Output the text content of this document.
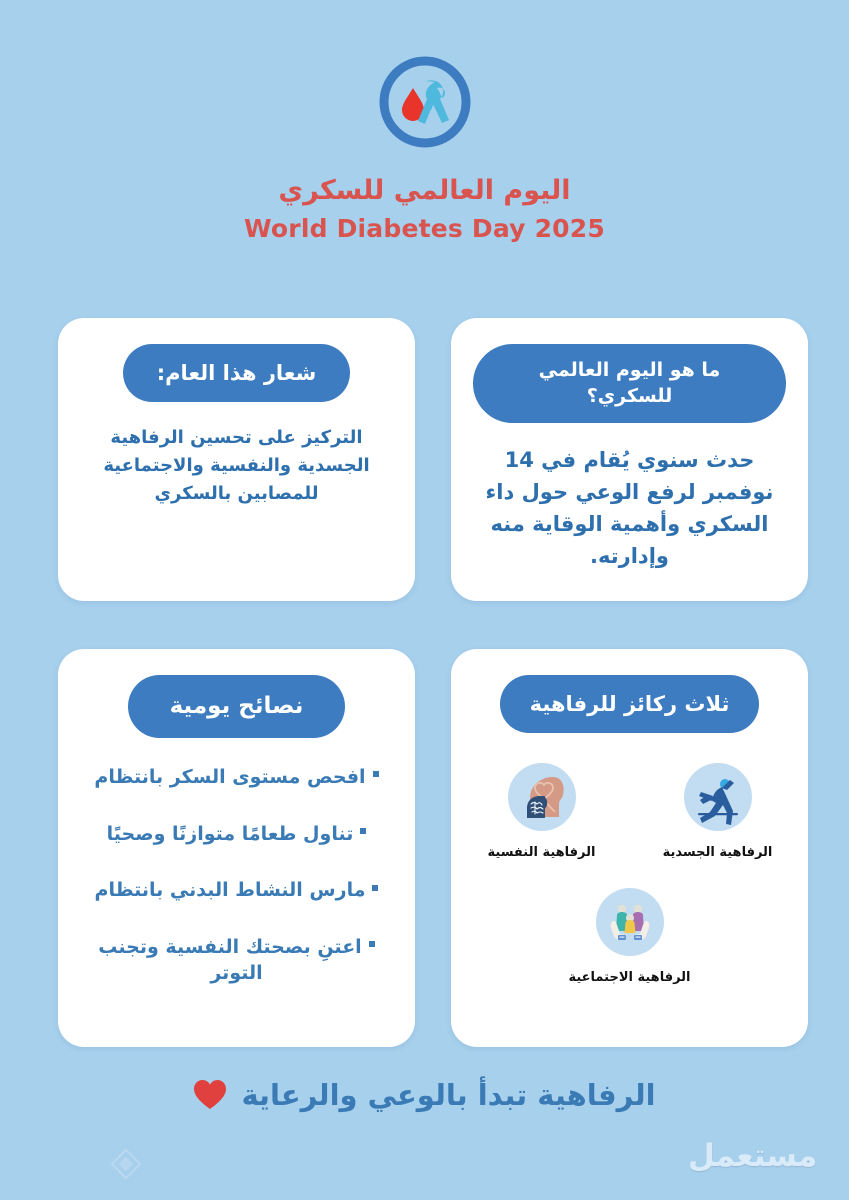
اليوم العالمي للسكري
World Diabetes Day 2025
ما هو اليوم العالمي للسكري؟
حدث سنوي يُقام في 14 نوفمبر لرفع الوعي حول داء السكري وأهمية الوقاية منه وإدارته.
شعار هذا العام:
التركيز على تحسين الرفاهية الجسدية والنفسية والاجتماعية للمصابين بالسكري
ثلاث ركائز للرفاهية
الرفاهية الجسدية
الرفاهية النفسية
الرفاهية الاجتماعية
نصائح يومية
افحص مستوى السكر بانتظام
تناول طعامًا متوازنًا وصحيًا
مارس النشاط البدني بانتظام
اعتنِ بصحتك النفسية وتجنب التوتر
الرفاهية تبدأ بالوعي والرعاية
مستعمل
